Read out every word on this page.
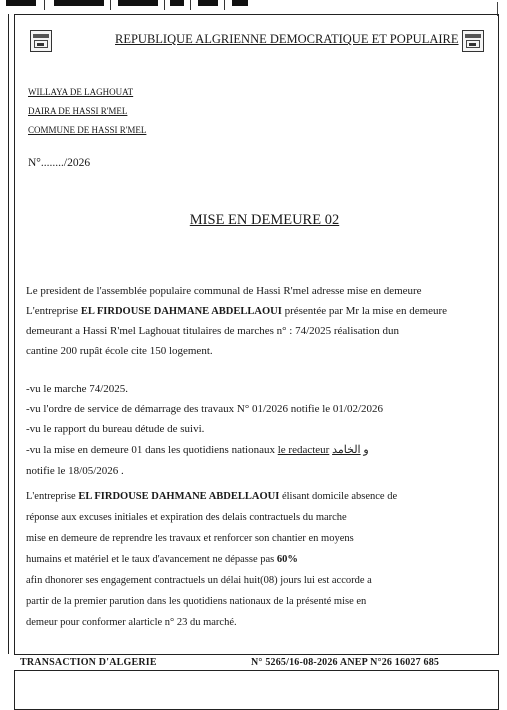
REPUBLIQUE ALGRIENNE DEMOCRATIQUE ET POPULAIRE
WILLAYA DE LAGHOUAT
DAIRA DE HASSI R'MEL
COMMUNE DE HASSI R'MEL
N°......../2026
MISE EN DEMEURE 02
Le president de l'assemblée populaire communal de Hassi R'mel adresse mise en demeure
L'entreprise EL FIRDOUSE DAHMANE ABDELLAOUI présentée par Mr la mise en demeure
demeurant a Hassi R'mel Laghouat titulaires de marches n° : 74/2025 réalisation dun
cantine 200 rupât école cite 150 logement.
-vu le marche 74/2025.
-vu l'ordre de service de démarrage des travaux N° 01/2026 notifie le 01/02/2026
-vu le rapport du bureau détude de suivi.
-vu la mise en demeure 01 dans les quotidiens nationaux le redacteur و الخامد
notifie le 18/05/2026 .
L'entreprise EL FIRDOUSE DAHMANE ABDELLAOUI élisant domicile absence de
réponse aux excuses initiales et expiration des delais contractuels du marche
mise en demeure de reprendre les travaux et renforcer son chantier en moyens
humains et matériel et le taux d'avancement ne dépasse pas 60%
afin dhonorer ses engagement contractuels un délai huit(08) jours lui est accorde a
partir de la premier parution dans les quotidiens nationaux de la présenté mise en
demeur pour conformer alarticle n° 23 du marché.
TRANSACTION D'ALGERIE	N° 5265/16-08-2026 ANEP N°26 16027 685
